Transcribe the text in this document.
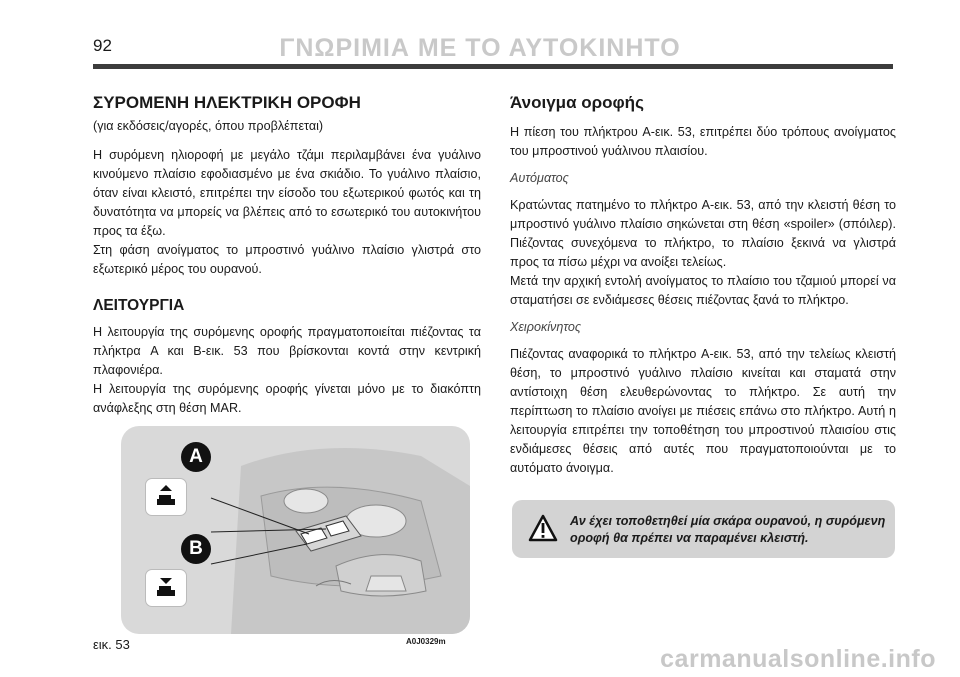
92	ΓΝΩΡΙΜΙΑ ΜΕ ΤΟ ΑΥΤΟΚΙΝΗΤΟ
ΣΥΡΟΜΕΝΗ ΗΛΕΚΤΡΙΚΗ ΟΡΟΦΗ

(για εκδόσεις/αγορές, όπου προβλέπεται)

Η συρόμενη ηλιοροφή με μεγάλο τζάμι περιλαμβάνει ένα γυάλινο κινούμενο πλαίσιο εφοδιασμένο με ένα σκιάδιο. Το γυάλινο πλαίσιο, όταν είναι κλειστό, επιτρέπει την είσοδο του εξωτερικού φωτός και τη δυνατότητα να μπορείς να βλέπεις από το εσωτερικό του αυτοκινήτου προς τα έξω.

Στη φάση ανοίγματος το μπροστινό γυάλινο πλαίσιο γλιστρά στο εξωτερικό μέρος του ουρανού.

ΛΕΙΤΟΥΡΓΙΑ

Η λειτουργία της συρόμενης οροφής πραγματοποιείται πιέζοντας τα πλήκτρα A και B-εικ. 53 που βρίσκονται κοντά στην κεντρική πλαφονιέρα.

Η λειτουργία της συρόμενης οροφής γίνεται μόνο με το διακόπτη ανάφλεξης στη θέση MAR.

A
B
εικ. 53	A0J0329m
Άνοιγμα οροφής

Η πίεση του πλήκτρου A-εικ. 53, επιτρέπει δύο τρόπους ανοίγματος του μπροστινού γυάλινου πλαισίου.

Αυτόματος

Κρατώντας πατημένο το πλήκτρο A-εικ. 53, από την κλειστή θέση το μπροστινό γυάλινο πλαίσιο σηκώνεται στη θέση «spoiler» (σπόιλερ). Πιέζοντας συνεχόμενα το πλήκτρο, το πλαίσιο ξεκινά να γλιστρά προς τα πίσω μέχρι να ανοίξει τελείως.

Μετά την αρχική εντολή ανοίγματος το πλαίσιο του τζαμιού μπορεί να σταματήσει σε ενδιάμεσες θέσεις πιέζοντας ξανά το πλήκτρο.

Χειροκίνητος

Πιέζοντας αναφορικά το πλήκτρο A-εικ. 53, από την τελείως κλειστή θέση, το μπροστινό γυάλινο πλαίσιο κινείται και σταματά στην αντίστοιχη θέση ελευθερώνοντας το πλήκτρο. Σε αυτή την περίπτωση το πλαίσιο ανοίγει με πιέσεις επάνω στο πλήκτρο. Αυτή η λειτουργία επιτρέπει την τοποθέτηση του μπροστινού πλαισίου στις ενδιάμεσες θέσεις από αυτές που πραγματοποιούνται με το αυτόματο άνοιγμα.

Αν έχει τοποθετηθεί μία σκάρα ουρανού, η συρόμενη οροφή θα πρέπει να παραμένει κλειστή.
carmanualsonline.info
